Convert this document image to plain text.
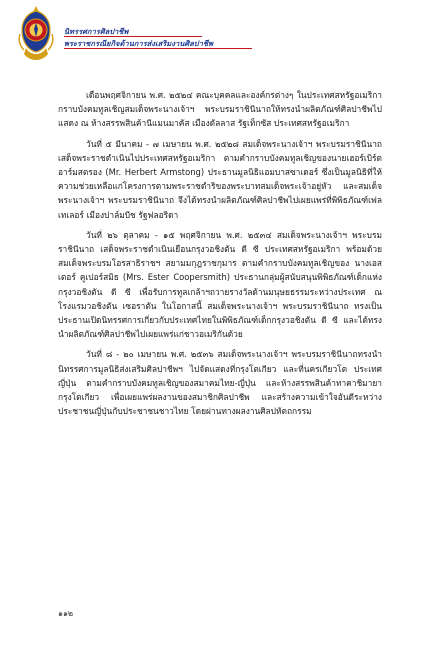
นิทรรศการศิลปาชีพ
พระราชกรณียกิจด้านการส่งเสริมงานศิลปาชีพ

เดือนพฤศจิกายน พ.ศ. ๒๕๒๔ คณะบุคคลและองค์กรต่างๆ ในประเทศสหรัฐอเมริกากราบบังคมทูลเชิญสมเด็จพระนางเจ้าฯ พระบรมราชินีนาถให้ทรงนำผลิตภัณฑ์ศิลปาชีพไปแสดง ณ ห้างสรรพสินค้านีแมนมาคัส เมืองดัลลาส รัฐเท็กซัส ประเทศสหรัฐอเมริกา

วันที่ ๕ มีนาคม - ๗ เมษายน พ.ศ. ๒๕๒๘ สมเด็จพระนางเจ้าฯ พระบรมราชินีนาถ เสด็จพระราชดำเนินไปประเทศสหรัฐอเมริกา ตามคำกราบบังคมทูลเชิญของนายเฮอร์เบิร์ต อาร์มสตรอง (Mr. Herbert Armstong) ประธานมูลนิธิแอมบาสซาเดอร์ ซึ่งเป็นมูลนิธิที่ให้ความช่วยเหลือแก่โครงการตามพระราชดำริของพระบาทสมเด็จพระเจ้าอยู่หัว และสมเด็จพระนางเจ้าฯ พระบรมราชินีนาถ จึงได้ทรงนำผลิตภัณฑ์ศิลปาชีพไปเผยแพร่ที่พิพิธภัณฑ์เฟลเทเลอร์ เมืองปาล์มบีช รัฐฟลอริดา

วันที่ ๒๖ ตุลาคม - ๑๕ พฤศจิกายน พ.ศ. ๒๕๓๔ สมเด็จพระนางเจ้าฯ พระบรมราชินีนาถ เสด็จพระราชดำเนินเยือนกรุงวอชิงตัน ดี ซี ประเทศสหรัฐอเมริกา พร้อมด้วยสมเด็จพระบรมโอรสาธิราชฯ สยามมกุฎราชกุมาร ตามคำกราบบังคมทูลเชิญของ นางเอสเตอร์ คูเปอร์สมิธ (Mrs. Ester Coopersmith) ประธานกลุ่มผู้สนับสนุนพิพิธภัณฑ์เด็กแห่งกรุงวอชิงตัน ดี ซี เพื่อรับการทูลเกล้าฯถวายรางวัลด้านมนุษยธรรมระหว่างประเทศ ณ โรงแรมวอชิงตัน เซอราตัน ในโอกาสนี้ สมเด็จพระนางเจ้าฯ พระบรมราชินีนาถ ทรงเป็นประธานเปิดนิทรรศการเกี่ยวกับประเทศไทยในพิพิธภัณฑ์เด็กกรุงวอชิงตัน ดี ซี และได้ทรงนำผลิตภัณฑ์ศิลปาชีพไปเผยแพร่แก่ชาวอเมริกันด้วย

วันที่ ๘ - ๒๐ เมษายน พ.ศ. ๒๕๓๖ สมเด็จพระนางเจ้าฯ พระบรมราชินีนาถทรงนำนิทรรศการมูลนิธิส่งเสริมศิลปาชีพฯ ไปจัดแสดงที่กรุงโตเกียว และที่นครเกียวโต ประเทศญี่ปุ่น ตามคำกราบบังคมทูลเชิญของสมาคมไทย-ญี่ปุ่น และห้างสรรพสินค้าทาคาชิมายา กรุงโตเกียว เพื่อเผยแพร่ผลงานของสมาชิกศิลปาชีพ และสร้างความเข้าใจอันดีระหว่างประชาชนญี่ปุ่นกับประชาชนชาวไทย โดยผ่านทางผลงานศิลปหัตถกรรม

๑๑๒
